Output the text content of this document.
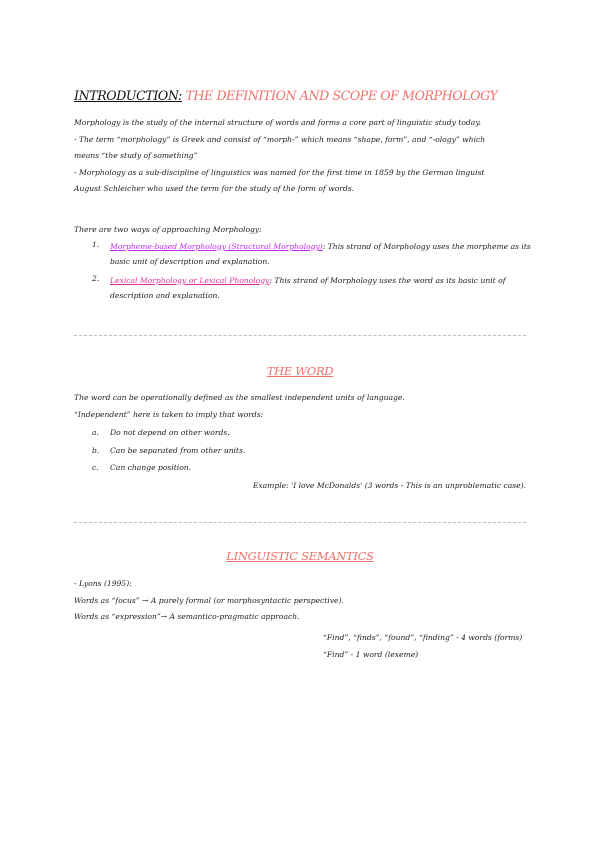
INTRODUCTION: THE DEFINITION AND SCOPE OF MORPHOLOGY

Morphology is the study of the internal structure of words and forms a core part of linguistic study today.

- The term “morphology” is Greek and consist of “morph-” which means “shape, form”, and “-ology” which

means “the study of something”

- Morphology as a sub-discipline of linguistics was named for the first time in 1859 by the German linguist

August Schleicher who used the term for the study of the form of words.

There are two ways of approaching Morphology:

1.	Morpheme-based Morphology (Structural Morphology): This strand of Morphology uses the morpheme as its basic unit of description and explanation.
2.	Lexical Morphology or Lexical Phonology: This strand of Morphology uses the word as its basic unit of description and explanation.
THE WORD

The word can be operationally defined as the smallest independent units of language.

“Independent” here is taken to imply that words:

a.	Do not depend on other words.
b.	Can be separated from other units.
c.	Can change position.
Example: 'I love McDonalds' (3 words - This is an unproblematic case).
LINGUISTIC SEMANTICS

- Lyons (1995):

Words as “focus” → A purely formal (or morphosyntactic perspective).

Words as “expression”→ A semantico-pragmatic approach.

“Find”, “finds”, “found”, “finding” - 4 words (forms)

“Find” - 1 word (lexeme)
